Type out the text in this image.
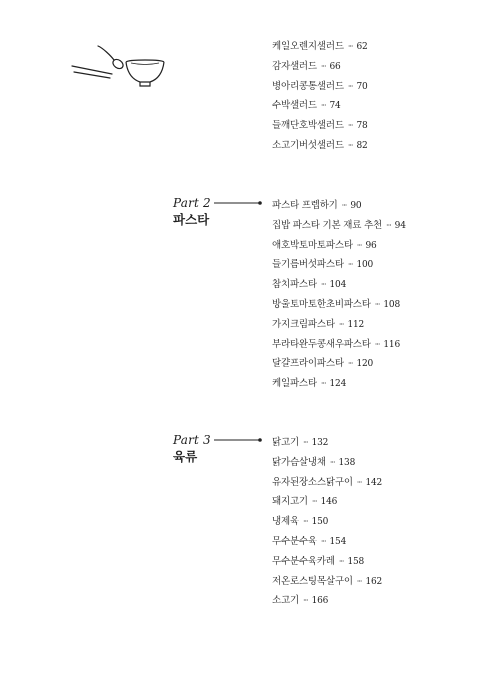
케일오렌지샐러드 ··· 62
감자샐러드 ··· 66
병아리콩통샐러드 ··· 70
수박샐러드 ··· 74
들깨단호박샐러드 ··· 78
소고기버섯샐러드 ··· 82
Part 2
파스타
파스타 프렙하기 ··· 90
집밥 파스타 기본 재료 추천 ··· 94
애호박토마토파스타 ··· 96
들기름버섯파스타 ··· 100
참치파스타 ··· 104
방울토마토한초비파스타 ··· 108
가지크림파스타 ··· 112
부라타완두콩새우파스타 ··· 116
달걀프라이파스타 ··· 120
케일파스타 ··· 124
Part 3
육류
닭고기 ··· 132
닭가슴살냉채 ··· 138
유자된장소스닭구이 ··· 142
돼지고기 ··· 146
냉제육 ··· 150
무수분수육 ··· 154
무수분수육카레 ··· 158
저온로스팅목살구이 ··· 162
소고기 ··· 166
